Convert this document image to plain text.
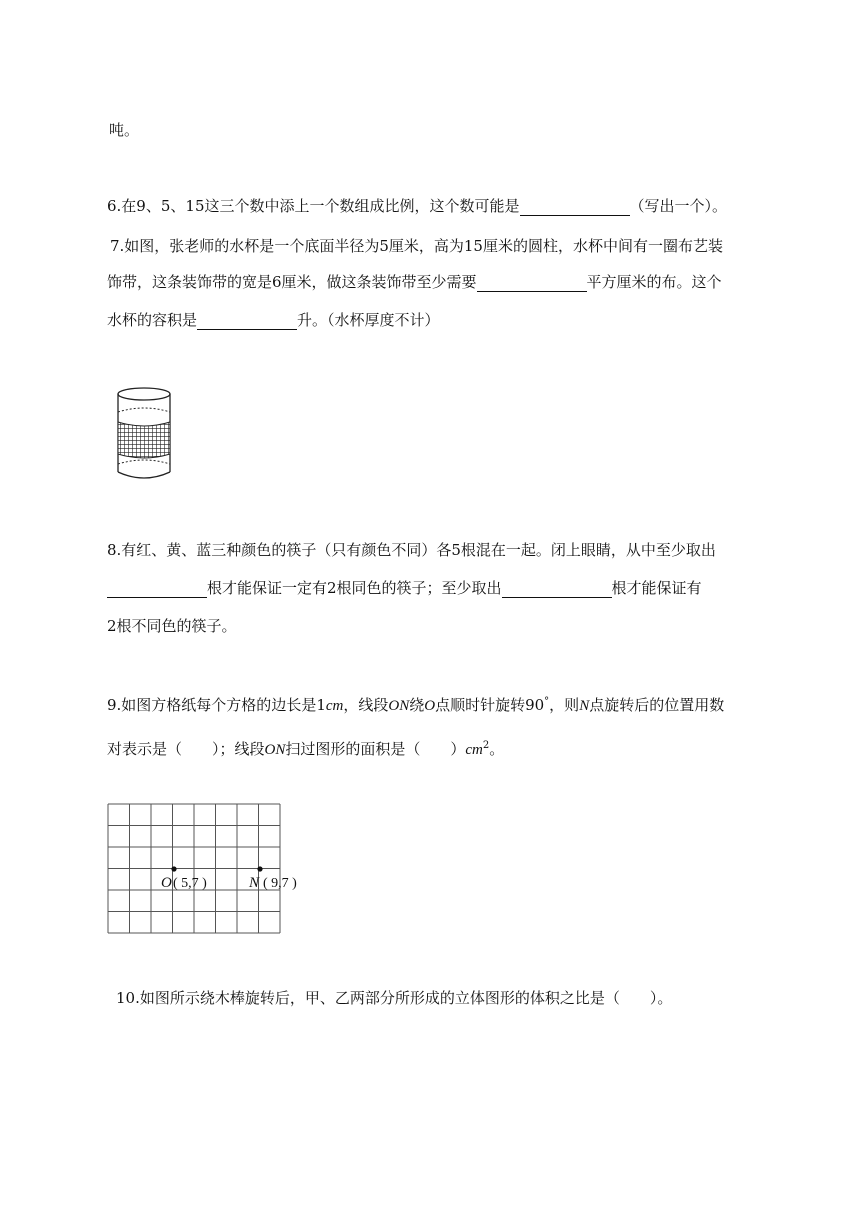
吨。
6.在9、5、15这三个数中添上一个数组成比例，这个数可能是	（写出一个）。
7.如图，张老师的水杯是一个底面半径为5厘米，高为15厘米的圆柱，水杯中间有一圈布艺装
饰带，这条装饰带的宽是6厘米，做这条装饰带至少需要	平方厘米的布。这个
水杯的容积是	升。（水杯厚度不计）
8.有红、黄、蓝三种颜色的筷子（只有颜色不同）各5根混在一起。闭上眼睛，从中至少取出
根才能保证一定有2根同色的筷子；至少取出	根才能保证有
2根不同色的筷子。
9.如图方格纸每个方格的边长是1cm，线段ON绕O点顺时针旋转90°，则N点旋转后的位置用数
对表示是（　　）；线段ON扫过图形的面积是（　　）$cm^2$。
O ( 5,7 )	N ( 9,7 )
10.如图所示绕木棒旋转后，甲、乙两部分所形成的立体图形的体积之比是（　　）。
